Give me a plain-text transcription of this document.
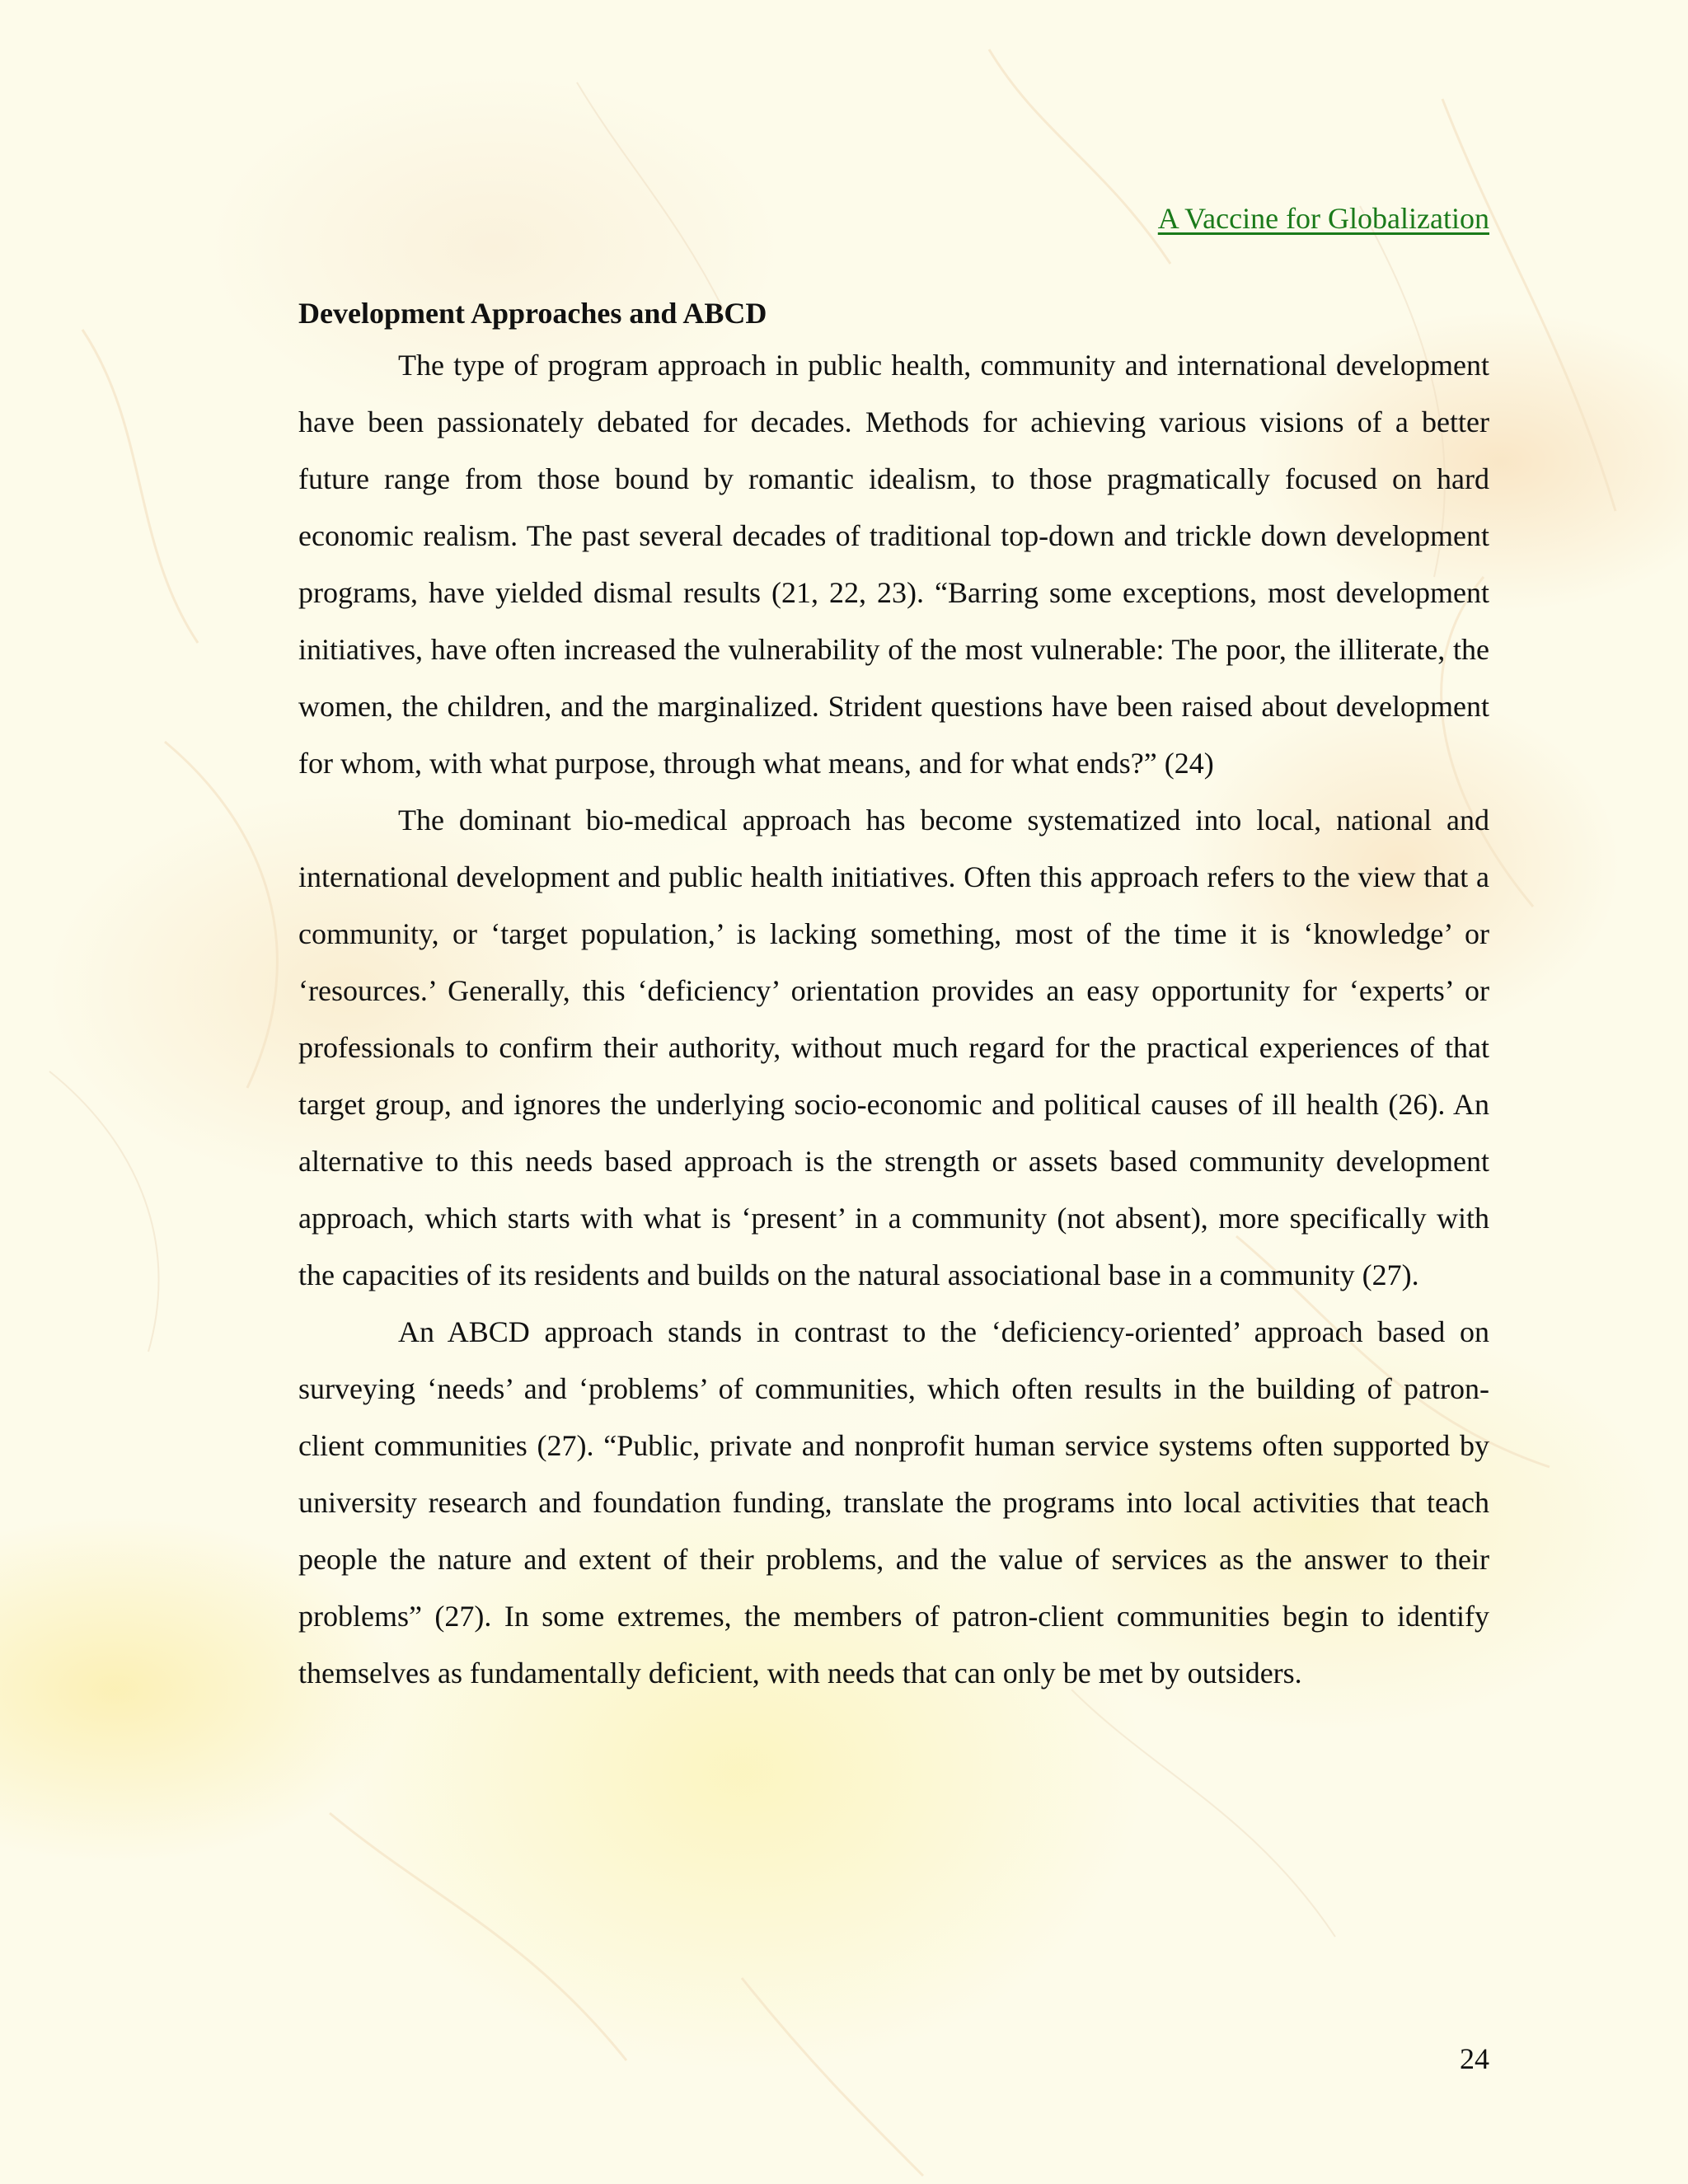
A Vaccine for Globalization

Development Approaches and ABCD

The type of program approach in public health, community and international development have been passionately debated for decades. Methods for achieving various visions of a better future range from those bound by romantic idealism, to those pragmatically focused on hard economic realism. The past several decades of traditional top-down and trickle down development programs, have yielded dismal results (21, 22, 23). “Barring some exceptions, most development initiatives, have often increased the vulnerability of the most vulnerable: The poor, the illiterate, the women, the children, and the marginalized. Strident questions have been raised about development for whom, with what purpose, through what means, and for what ends?” (24)

The dominant bio-medical approach has become systematized into local, national and international development and public health initiatives. Often this approach refers to the view that a community, or ‘target population,’ is lacking something, most of the time it is ‘knowledge’ or ‘resources.’ Generally, this ‘deficiency’ orientation provides an easy opportunity for ‘experts’ or professionals to confirm their authority, without much regard for the practical experiences of that target group, and ignores the underlying socio-economic and political causes of ill health (26). An alternative to this needs based approach is the strength or assets based community development approach, which starts with what is ‘present’ in a community (not absent), more specifically with the capacities of its residents and builds on the natural associational base in a community (27).

An ABCD approach stands in contrast to the ‘deficiency-oriented’ approach based on surveying ‘needs’ and ‘problems’ of communities, which often results in the building of patron-client communities (27). “Public, private and nonprofit human service systems often supported by university research and foundation funding, translate the programs into local activities that teach people the nature and extent of their problems, and the value of services as the answer to their problems” (27). In some extremes, the members of patron-client communities begin to identify themselves as fundamentally deficient, with needs that can only be met by outsiders.

24
